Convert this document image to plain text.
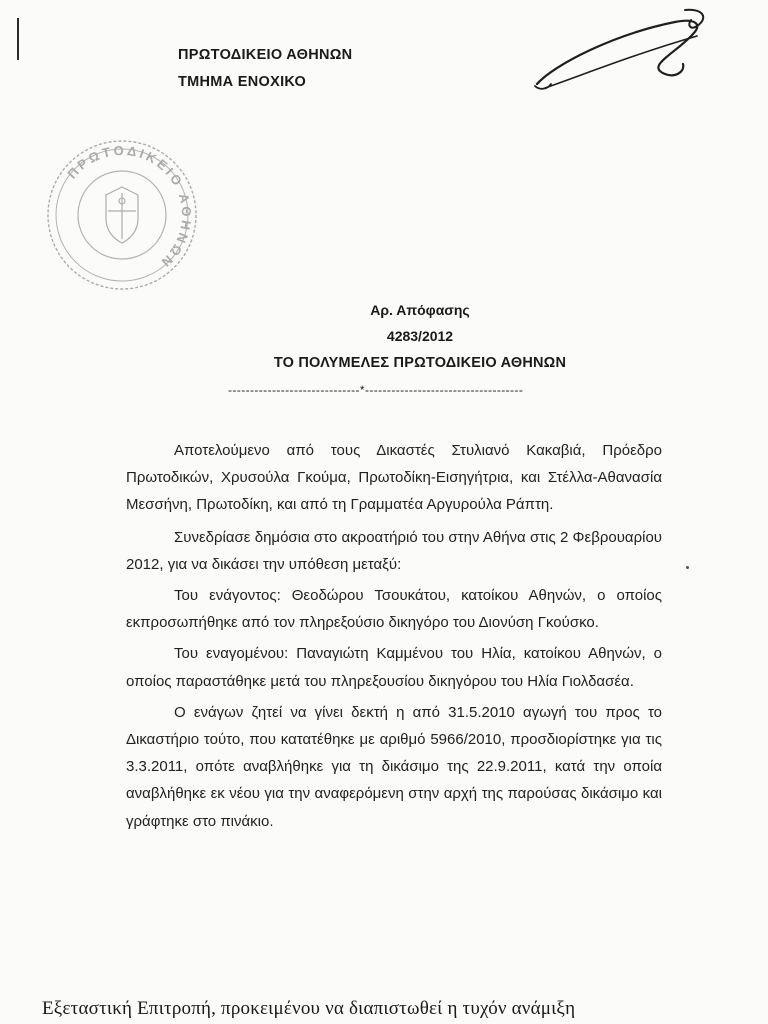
ΠΡΩΤΟΔΙΚΕΙΟ ΑΘΗΝΩΝ
ΤΜΗΜΑ ΕΝΟΧΙΚΟ
ΠΡΩΤΟΔΙΚΕΙΟ ΑΘΗΝΩΝ
Αρ. Απόφασης
4283/2012
ΤΟ ΠΟΛΥΜΕΛΕΣ ΠΡΩΤΟΔΙΚΕΙΟ ΑΘΗΝΩΝ
------------------------------*------------------------------------

Αποτελούμενο από τους Δικαστές Στυλιανό Κακαβιά, Πρόεδρο Πρωτοδικών, Χρυσούλα Γκούμα, Πρωτοδίκη-Εισηγήτρια, και Στέλλα-Αθανασία Μεσσήνη, Πρωτοδίκη, και από τη Γραμματέα Αργυρούλα Ράπτη.

Συνεδρίασε δημόσια στο ακροατήριό του στην Αθήνα στις 2 Φεβρουαρίου 2012, για να δικάσει την υπόθεση μεταξύ:

Του ενάγοντος: Θεοδώρου Τσουκάτου, κατοίκου Αθηνών, ο οποίος εκπροσωπήθηκε από τον πληρεξούσιο δικηγόρο του Διονύση Γκούσκο.

Του εναγομένου: Παναγιώτη Καμμένου του Ηλία, κατοίκου Αθηνών, ο οποίος παραστάθηκε μετά του πληρεξουσίου δικηγόρου του Ηλία Γιολδασέα.

Ο ενάγων ζητεί να γίνει δεκτή η από 31.5.2010 αγωγή του προς το Δικαστήριο τούτο, που κατατέθηκε με αριθμό 5966/2010, προσδιορίστηκε για τις 3.3.2011, οπότε αναβλήθηκε για τη δικάσιμο της 22.9.2011, κατά την οποία αναβλήθηκε εκ νέου για την αναφερόμενη στην αρχή της παρούσας δικάσιμο και γράφτηκε στο πινάκιο.

Εξεταστική Επιτροπή, προκειμένου να διαπιστωθεί η τυχόν ανάμιξη
